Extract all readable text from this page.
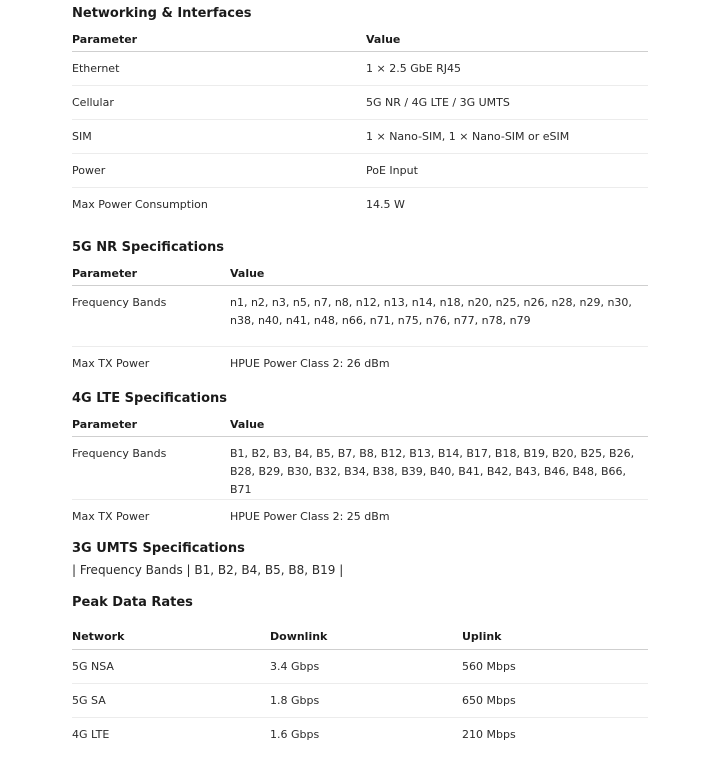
Networking & Interfaces
Parameter	Value
Ethernet	1 × 2.5 GbE RJ45
Cellular	5G NR / 4G LTE / 3G UMTS
SIM	1 × Nano-SIM, 1 × Nano-SIM or eSIM
Power	PoE Input
Max Power Consumption	14.5 W
5G NR Specifications
Parameter	Value
Frequency Bands	n1, n2, n3, n5, n7, n8, n12, n13, n14, n18, n20, n25, n26, n28, n29, n30, n38, n40, n41, n48, n66, n71, n75, n76, n77, n78, n79
Max TX Power	HPUE Power Class 2: 26 dBm
4G LTE Specifications
Parameter	Value
Frequency Bands	B1, B2, B3, B4, B5, B7, B8, B12, B13, B14, B17, B18, B19, B20, B25, B26, B28, B29, B30, B32, B34, B38, B39, B40, B41, B42, B43, B46, B48, B66, B71
Max TX Power	HPUE Power Class 2: 25 dBm
3G UMTS Specifications

| Frequency Bands | B1, B2, B4, B5, B8, B19 |

Peak Data Rates
Network	Downlink	Uplink
5G NSA	3.4 Gbps	560 Mbps
5G SA	1.8 Gbps	650 Mbps
4G LTE	1.6 Gbps	210 Mbps
